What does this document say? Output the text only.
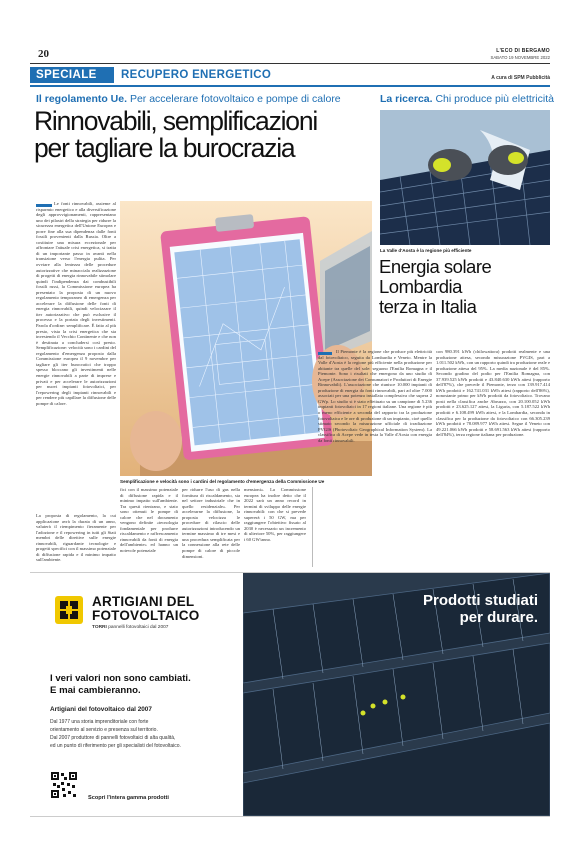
20	L'ECO DI BERGAMO
SABATO 19 NOVEMBRE 2022
SPECIALE RECUPERO ENERGETICO	A cura di SPM Pubblicità
Il regolamento Ue. Per accelerare fotovoltaico e pompe di calore
Rinnovabili, semplificazioni
per tagliare la burocrazia
Le fonti rinnovabili, assieme al risparmio energetico e alla diversificazione degli approvvigionamenti, rappresentano uno dei pilastri della strategia per ridurre la sicurezza energetica dell'Unione Europea e porre fine alla sua dipendenza dalle fonti fossili provenienti dalla Russia. Oltre a costituire una misura eccezionale per affrontare l'attuale crisi energetica, si tratta di un importante passo in avanti nella transizione verso l'energia pulita. Per ovviare alla lentezza delle procedure autorizzative che minacciala realizzazione di progetti di energia rinnovabile stimolare quindi l'indipendenza dai combustibili fossili russi, la Commissione europea ha presentato la proposta di un nuovo regolamento temporaneo di emergenza per accelerare la diffusione delle fonti di energia rinnovabili, quindi velocizzare il iter autorizzativo che può esclusive il processo e la portata degli investimenti. Parola d'ordine: semplificare. È fatto al più presto, vista la crisi energetica che sta investendo il Vecchio Continente e che non è destinata a concludersi così presto. Semplificazione: velocità sono i cardini del regolamento d'emergenza proposto dalla Commissione europea il 9 novembre per tagliare gli iter burocratici che troppo spesso bloccano gli investimenti nelle energie rinnovabili a parte di imprese e privati e per accelerare le autorizzazioni per nuovi impianti fotovoltaici, per l'repowering degli impianti rinnovabili e per rendere più capillare la diffusione delle pompe di calore.
Semplificazione e velocità sono i cardini del regolamento d'emergenza della Commissione Ue
fici con il massimo potenziale di diffusione rapida e il minimo impatto sull'ambiente. Tra questi rientrano, e stato sono ottenuti le pompe di calore che nel documento vengono definite «tecnologia fondamentale per produrre riscaldamento e raffrescamento rinnovabili da fonti di energia dell'ambiente» ed hanno un notevole potenziale
per ridurre l'uso di gas nella fornitura di riscaldamento, sia nel settore industriale che in quello residenziale». Per accelerarne la diffusione, la proposta velocizza le procedure di rilascio delle autorizzazioni introducendo un termine massimo di tre mesi e una procedura semplificata per la connessione alla rete delle pompe di calore di piccole dimensioni.
mensioni». La Commissione europea ha inoltre detto che il 2022 sarà un anno record in termini di sviluppo delle energie rinnovabili: con che si prevede supererà i 50 GW, ma per raggiungere l'obiettivo fissato al 2030 è necessario un incremento di ulteriore 50%, per raggiungere i 60 GW/anno.
La proposta di regolamento, la cui applicazione avrà la durata di un anno, valuterà il riempimento fieramente per l'adozione e il repowering in tutti gli Stati membri delle direttive sulle energie rinnovabili, riguardante tecnologie e progetti specifici con il massimo potenziale di diffusione rapida e il minimo impatto sull'ambiente.
La ricerca. Chi produce più elettricità
La Valle d'Aosta è la regione più efficiente
Energia solare
Lombardia
terza in Italia
Il Piemonte è la regione che produce più elettricità dal fotovoltaico, seguita da Lombardia e Veneto. Mentre la Valle d'Aosta è la regione più efficiente nella produzione per abitante tra quelle del sole: seguono l'Emilia Romagna e il Piemonte. Sono i risultati che emergono da uno studio di Acepe (Associazione dei Consumatori e Produttori di Energie Rinnovabili). L'associazione che riunisce 10.000 impianti di produzione di energia da fonti rinnovabili, pari ad oltre 7.000 associati per una potenza installata complessiva che supera 2 GWp. Lo studio si è stato effettuato su un campione di 5.236 impianti fotovoltaici in 17 regioni italiane. Una regione è più o meno efficiente a seconda del rapporto tra la produzione fotovoltaica e le ore di produzione di un impianto, cioè quello stimato secondo la misurazione ufficiale di irradiazione PVGIS (Photovoltaic Geographical Information System). La classifica di Acepe vede in testa la Valle d'Aosta con energia da fonti rinnovabili.
con 980.391 kWh (chilowattora) prodotti realmente e una produzione attesa, secondo misurazione PVGIS, pari a 1.011.502 kWh, con un rapporto quindi tra produzione reale e produzione attesa del 95%. La media nazionale è del 85%. Secondo gradino del podio per l'Emilia Romagna, con 37.939.525 kWh prodotti e 43.840.630 kWh attesi (rapporto dell'87%), che precede il Piemonte, terzo con 139.917.414 kWh prodotti e 162.741.031 kWh attesi (rapporto dell'86%), nonostante primo per kWh prodotti da fotovoltaico. Trovano posti nella classifica anche Abruzzo, con 20.100.052 kWh prodotti e 23.625.127 attesi, la Liguria, con 5.187.522 kWh prodotti e 6.108.499 kWh attesi, e la Lombardia, seconda in classifica per la produzione da fotovoltaico con 66.305.239 kWh prodotti e 78.089.977 kWh attesi. Segue il Veneto con 49.221.066 kWh prodotti e 58.691.563 kWh attesi (rapporto dell'84%), terza regione italiana per produzione.
ARTIGIANI DEL
FOTOVOLTAICO
TORRI pannelli fotovoltaici dal 2007
I veri valori non sono cambiati.
E mai cambieranno.
Artigiani del fotovoltaico dal 2007
Dal 1977 una storia imprenditoriale con forte
orientamento al servizio e presenza sul territorio.
Dal 2007 produttore di pannelli fotovoltaici di alta qualità,
ed un punto di riferimento per gli specialisti del fotovoltaico.
Scopri l'intera gamma prodotti
Prodotti studiati
per durare.
